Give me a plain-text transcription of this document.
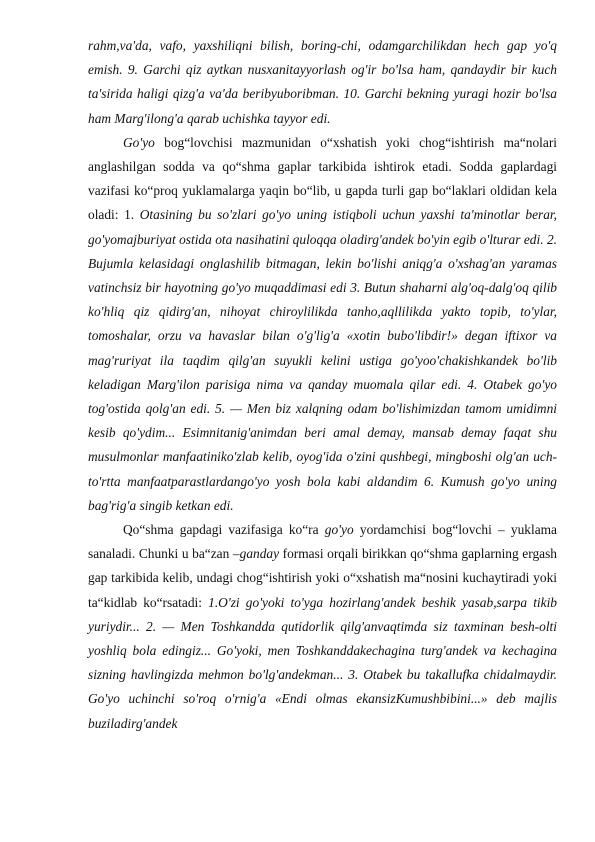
rahm,va'da, vafo, yaxshiliqni bilish, boring-chi, odamgarchilikdan hech gap yo'q emish. 9. Garchi qiz aytkan nusxanitayyorlash og'ir bo'lsa ham, qandaydir bir kuch ta'sirida haligi qizg'a va'da beribyuboribman. 10. Garchi bekning yuragi hozir bo'lsa ham Marg'ilong'a qarab uchishka tayyor edi.

Go'yo bog“lovchisi mazmunidan o“xshatish yoki chog“ishtirish ma“nolari anglashilgan sodda va qo“shma gaplar tarkibida ishtirok etadi. Sodda gaplardagi vazifasi ko“proq yuklamalarga yaqin bo“lib, u gapda turli gap bo“laklari oldidan kela oladi: 1. Otasining bu so'zlari go'yo uning istiqboli uchun yaxshi ta'minotlar berar, go'yomajburiyat ostida ota nasihatini quloqqa oladirg'andek bo'yin egib o'lturar edi. 2. Bujumla kelasidagi onglashilib bitmagan, lekin bo'lishi aniqg'a o'xshag'an yaramas vatinchsiz bir hayotning go'yo muqaddimasi edi 3. Butun shaharni alg'oq-dalg'oq qilib ko'hliq qiz qidirg'an, nihoyat chiroylilikda tanho,aqllilikda yakto topib, to'ylar, tomoshalar, orzu va havaslar bilan o'g'lig'a «xotin bubo'libdir!» degan iftixor va mag'ruriyat ila taqdim qilg'an suyukli kelini ustiga go'yoo'chakishkandek bo'lib keladigan Marg'ilon parisiga nima va qanday muomala qilar edi. 4. Otabek go'yo tog'ostida qolg'an edi. 5. — Men biz xalqning odam bo'lishimizdan tamom umidimni kesib qo'ydim... Esimnitanig'animdan beri amal demay, mansab demay faqat shu musulmonlar manfaatiniko'zlab kelib, oyog'ida o'zini qushbegi, mingboshi olg'an uch-to'rtta manfaatparastlardango'yo yosh bola kabi aldandim 6. Kumush go'yo uning bag'rig'a singib ketkan edi.

Qo“shma gapdagi vazifasiga ko“ra go'yo yordamchisi bog“lovchi – yuklama sanaladi. Chunki u ba“zan –ganday formasi orqali birikkan qo“shma gaplarning ergash gap tarkibida kelib, undagi chog“ishtirish yoki o“xshatish ma“nosini kuchaytiradi yoki ta“kidlab ko“rsatadi: 1.O'zi go'yoki to'yga hozirlang'andek beshik yasab,sarpa tikib yuriydir... 2. — Men Toshkandda qutidorlik qilg'anvaqtimda siz taxminan besh-olti yoshliq bola edingiz... Go'yoki, men Toshkanddakechagina turg'andek va kechagina sizning havlingizda mehmon bo'lg'andekman... 3. Otabek bu takallufka chidalmaydir. Go'yo uchinchi so'roq o'rnig'a «Endi olmas ekansizKumushbibini...» deb majlis buziladirg'andek
